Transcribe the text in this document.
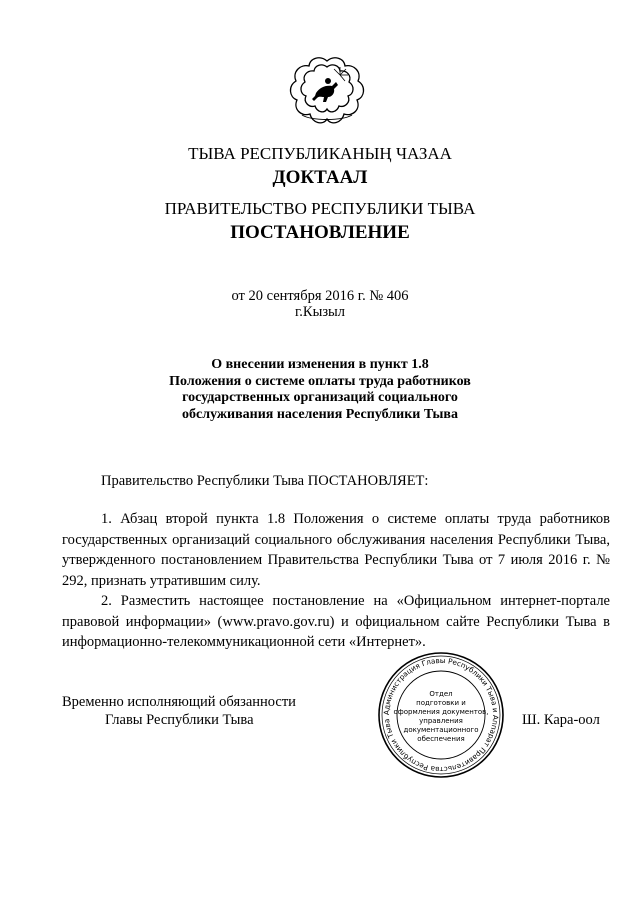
ТЫВА РЕСПУБЛИКАНЫҢ ЧАЗАА
ДОКТААЛ
ПРАВИТЕЛЬСТВО РЕСПУБЛИКИ ТЫВА
ПОСТАНОВЛЕНИЕ
от 20 сентября 2016 г. № 406
г.Кызыл
О внесении изменения в пункт 1.8
Положения о системе оплаты труда работников
государственных организаций социального
обслуживания населения Республики Тыва
Правительство Республики Тыва ПОСТАНОВЛЯЕТ:
1. Абзац второй пункта 1.8 Положения о системе оплаты труда работников государственных организаций социального обслуживания населения Республики Тыва, утвержденного постановлением Правительства Республики Тыва от 7 июля 2016 г. № 292, признать утратившим силу.
2. Разместить настоящее постановление на «Официальном интернет-портале правовой информации» (www.pravo.gov.ru) и официальном сайте Республики Тыва в информационно-телекоммуникационной сети «Интернет».
Временно исполняющий обязанности
Главы Республики Тыва	Ш. Кара-оол
Администрация Главы Республики Тыва и Аппарат Правительства Республики Тыва
Отдел
подготовки и
оформления документов,
управления
документационного
обеспечения
